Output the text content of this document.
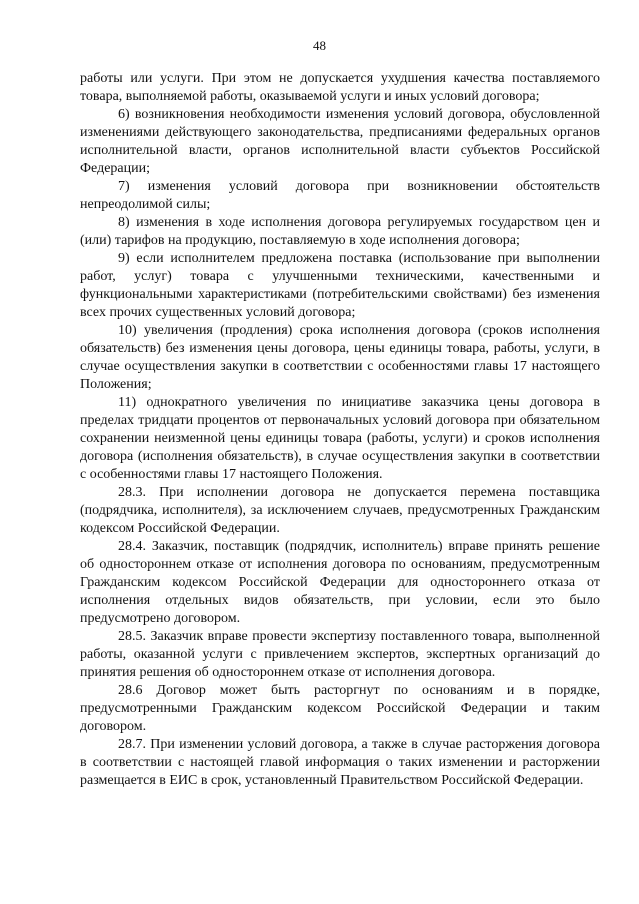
48

работы или услуги. При этом не допускается ухудшения качества поставляемого товара, выполняемой работы, оказываемой услуги и иных условий договора;

6) возникновения необходимости изменения условий договора, обусловленной изменениями действующего законодательства, предписаниями федеральных органов исполнительной власти, органов исполнительной власти субъектов Российской Федерации;

7) изменения условий договора при возникновении обстоятельств непреодолимой силы;

8) изменения в ходе исполнения договора регулируемых государством цен и (или) тарифов на продукцию, поставляемую в ходе исполнения договора;

9) если исполнителем предложена поставка (использование при выполнении работ, услуг) товара с улучшенными техническими, качественными и функциональными характеристиками (потребительскими свойствами) без изменения всех прочих существенных условий договора;

10) увеличения (продления) срока исполнения договора (сроков исполнения обязательств) без изменения цены договора, цены единицы товара, работы, услуги, в случае осуществления закупки в соответствии с особенностями главы 17 настоящего Положения;

11) однократного увеличения по инициативе заказчика цены договора в пределах тридцати процентов от первоначальных условий договора при обязательном сохранении неизменной цены единицы товара (работы, услуги) и сроков исполнения договора (исполнения обязательств), в случае осуществления закупки в соответствии с особенностями главы 17 настоящего Положения.

28.3. При исполнении договора не допускается перемена поставщика (подрядчика, исполнителя), за исключением случаев, предусмотренных Гражданским кодексом Российской Федерации.

28.4. Заказчик, поставщик (подрядчик, исполнитель) вправе принять решение об одностороннем отказе от исполнения договора по основаниям, предусмотренным Гражданским кодексом Российской Федерации для одностороннего отказа от исполнения отдельных видов обязательств, при условии, если это было предусмотрено договором.

28.5. Заказчик вправе провести экспертизу поставленного товара, выполненной работы, оказанной услуги с привлечением экспертов, экспертных организаций до принятия решения об одностороннем отказе от исполнения договора.

28.6 Договор может быть расторгнут по основаниям и в порядке, предусмотренными Гражданским кодексом Российской Федерации и таким договором.

28.7. При изменении условий договора, а также в случае расторжения договора в соответствии с настоящей главой информация о таких изменении и расторжении размещается в ЕИС в срок, установленный Правительством Российской Федерации.
